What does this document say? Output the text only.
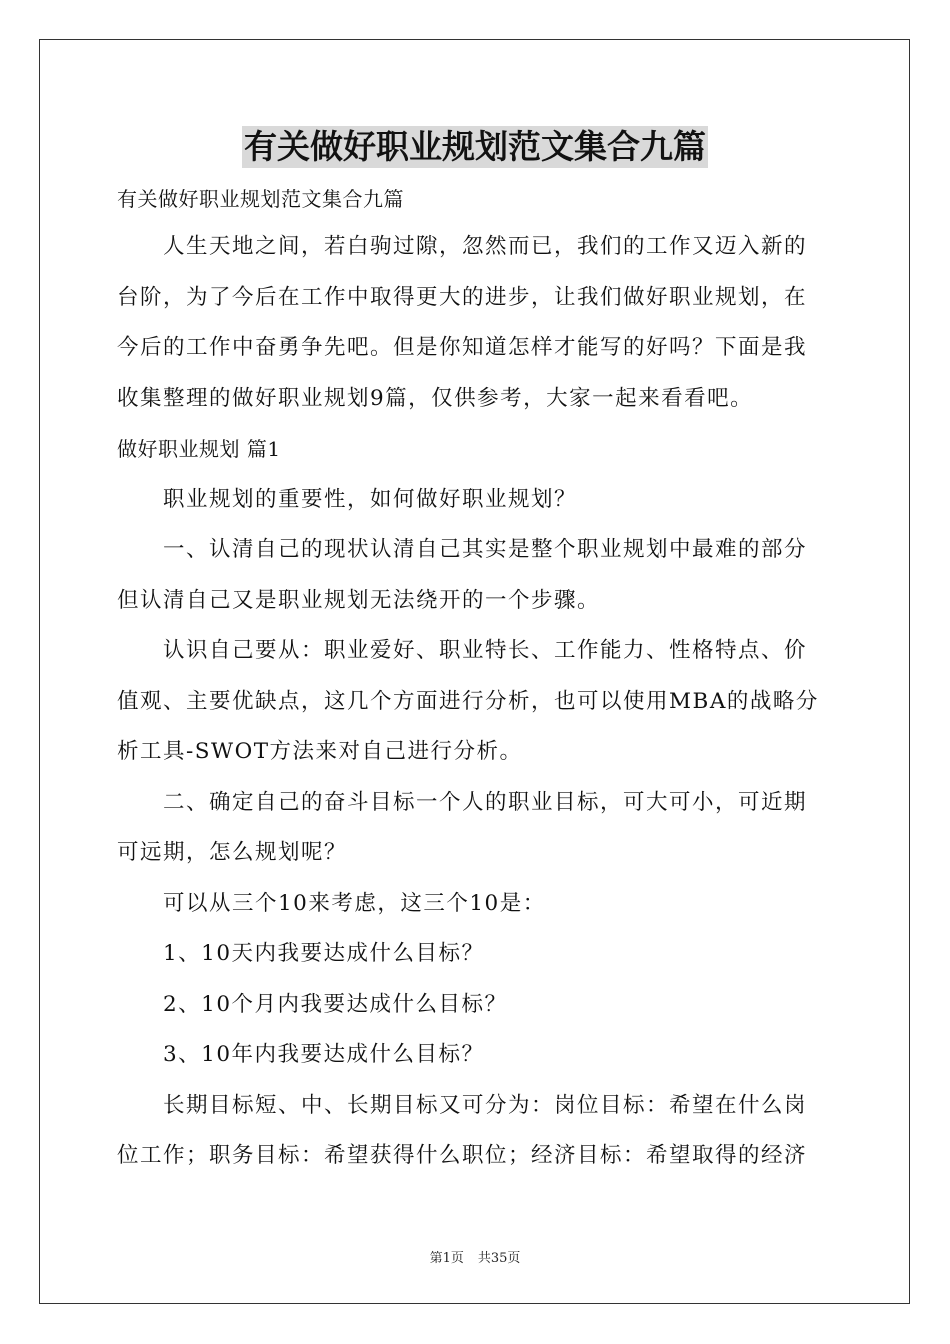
有关做好职业规划范文集合九篇
有关做好职业规划范文集合九篇
人生天地之间，若白驹过隙，忽然而已，我们的工作又迈入新的
台阶，为了今后在工作中取得更大的进步，让我们做好职业规划，在
今后的工作中奋勇争先吧。但是你知道怎样才能写的好吗？下面是我
收集整理的做好职业规划9篇，仅供参考，大家一起来看看吧。
做好职业规划 篇1
职业规划的重要性，如何做好职业规划？
一、认清自己的现状认清自己其实是整个职业规划中最难的部分
但认清自己又是职业规划无法绕开的一个步骤。
认识自己要从：职业爱好、职业特长、工作能力、性格特点、价
值观、主要优缺点，这几个方面进行分析，也可以使用MBA的战略分
析工具-SWOT方法来对自己进行分析。
二、确定自己的奋斗目标一个人的职业目标，可大可小，可近期
可远期，怎么规划呢？
可以从三个10来考虑，这三个10是：
1、10天内我要达成什么目标？
2、10个月内我要达成什么目标？
3、10年内我要达成什么目标？
长期目标短、中、长期目标又可分为：岗位目标：希望在什么岗
位工作；职务目标：希望获得什么职位；经济目标：希望取得的经济
第1页 共35页
